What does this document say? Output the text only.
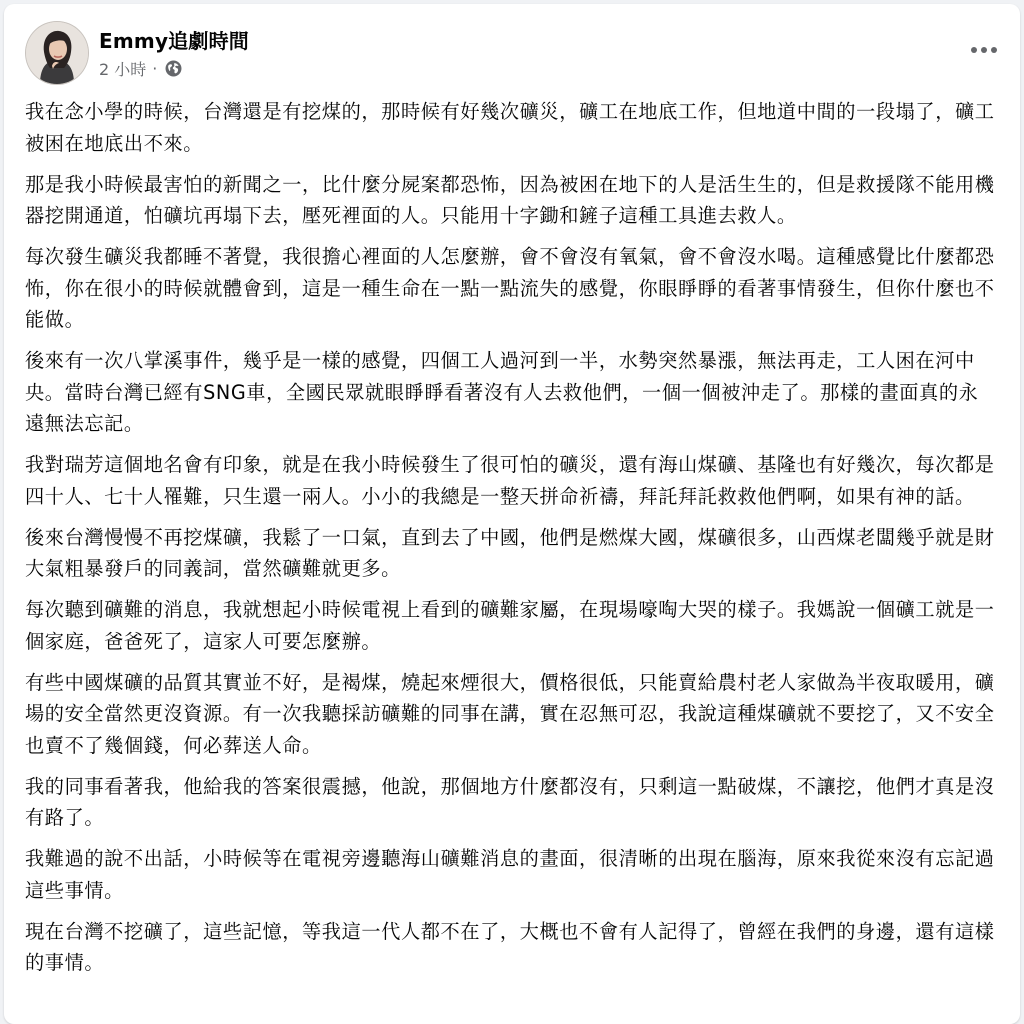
Emmy追劇時間
2 小時 ·

我在念小學的時候，台灣還是有挖煤的，那時候有好幾次礦災，礦工在地底工作，但地道中間的一段塌了，礦工被困在地底出不來。

那是我小時候最害怕的新聞之一，比什麼分屍案都恐怖，因為被困在地下的人是活生生的，但是救援隊不能用機器挖開通道，怕礦坑再塌下去，壓死裡面的人。只能用十字鋤和鏟子這種工具進去救人。

每次發生礦災我都睡不著覺，我很擔心裡面的人怎麼辦，會不會沒有氧氣，會不會沒水喝。這種感覺比什麼都恐怖，你在很小的時候就體會到，這是一種生命在一點一點流失的感覺，你眼睜睜的看著事情發生，但你什麼也不能做。

後來有一次八掌溪事件，幾乎是一樣的感覺，四個工人過河到一半，水勢突然暴漲，無法再走，工人困在河中央。當時台灣已經有SNG車，全國民眾就眼睜睜看著沒有人去救他們，一個一個被沖走了。那樣的畫面真的永遠無法忘記。

我對瑞芳這個地名會有印象，就是在我小時候發生了很可怕的礦災，還有海山煤礦、基隆也有好幾次，每次都是四十人、七十人罹難，只生還一兩人。小小的我總是一整天拼命祈禱，拜託拜託救救他們啊，如果有神的話。

後來台灣慢慢不再挖煤礦，我鬆了一口氣，直到去了中國，他們是燃煤大國，煤礦很多，山西煤老闆幾乎就是財大氣粗暴發戶的同義詞，當然礦難就更多。

每次聽到礦難的消息，我就想起小時候電視上看到的礦難家屬，在現場嚎啕大哭的樣子。我媽說一個礦工就是一個家庭，爸爸死了，這家人可要怎麼辦。

有些中國煤礦的品質其實並不好，是褐煤，燒起來煙很大，價格很低，只能賣給農村老人家做為半夜取暖用，礦場的安全當然更沒資源。有一次我聽採訪礦難的同事在講，實在忍無可忍，我說這種煤礦就不要挖了，又不安全也賣不了幾個錢，何必葬送人命。

我的同事看著我，他給我的答案很震撼，他說，那個地方什麼都沒有，只剩這一點破煤，不讓挖，他們才真是沒有路了。

我難過的說不出話，小時候等在電視旁邊聽海山礦難消息的畫面，很清晰的出現在腦海，原來我從來沒有忘記過這些事情。

現在台灣不挖礦了，這些記憶，等我這一代人都不在了，大概也不會有人記得了，曾經在我們的身邊，還有這樣的事情。
